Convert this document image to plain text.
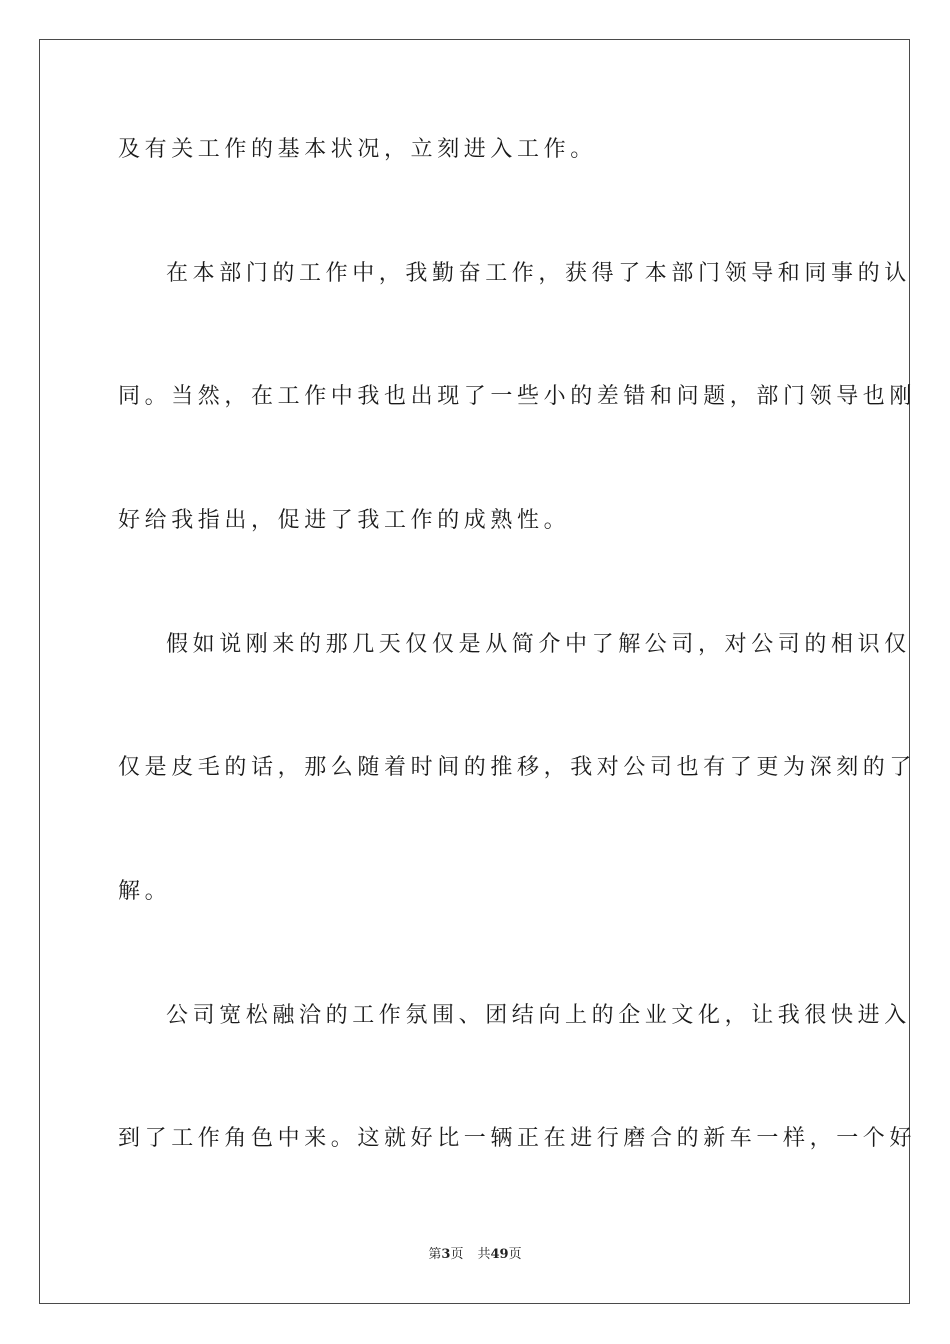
及有关工作的基本状况，立刻进入工作。
在本部门的工作中，我勤奋工作，获得了本部门领导和同事的认
同。当然，在工作中我也出现了一些小的差错和问题，部门领导也刚
好给我指出，促进了我工作的成熟性。
假如说刚来的那几天仅仅是从简介中了解公司，对公司的相识仅
仅是皮毛的话，那么随着时间的推移，我对公司也有了更为深刻的了
解。
公司宽松融洽的工作氛围、团结向上的企业文化，让我很快进入
到了工作角色中来。这就好比一辆正在进行磨合的新车一样，一个好
第3页 共49页
